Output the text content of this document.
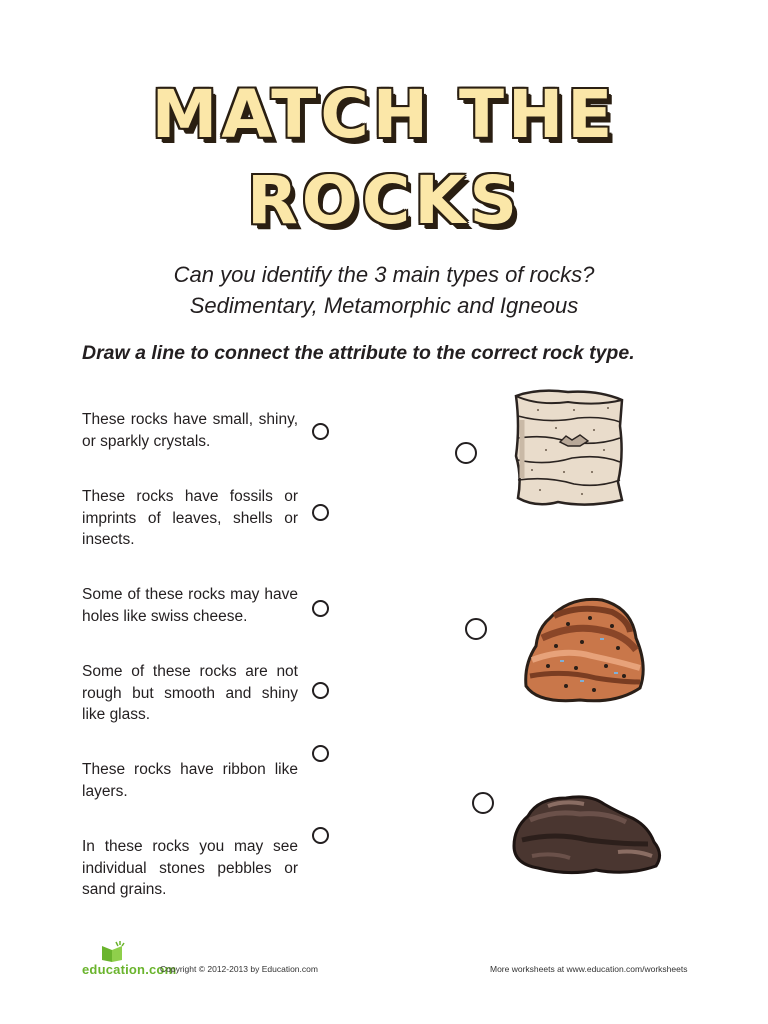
MATCH THE
ROCKS
Can you identify the 3 main types of rocks?
Sedimentary, Metamorphic and Igneous
Draw a line to connect the attribute to the correct rock type.
These rocks have small, shiny, or sparkly crystals.
These rocks have fossils or imprints of leaves, shells or insects.
Some of these rocks may have holes like swiss cheese.
Some of these rocks are not rough but smooth and shiny like glass.
These rocks have ribbon like layers.
In these rocks you may see individual stones pebbles or sand grains.
education.com
Copyright © 2012-2013 by Education.com	More worksheets at www.education.com/worksheets
